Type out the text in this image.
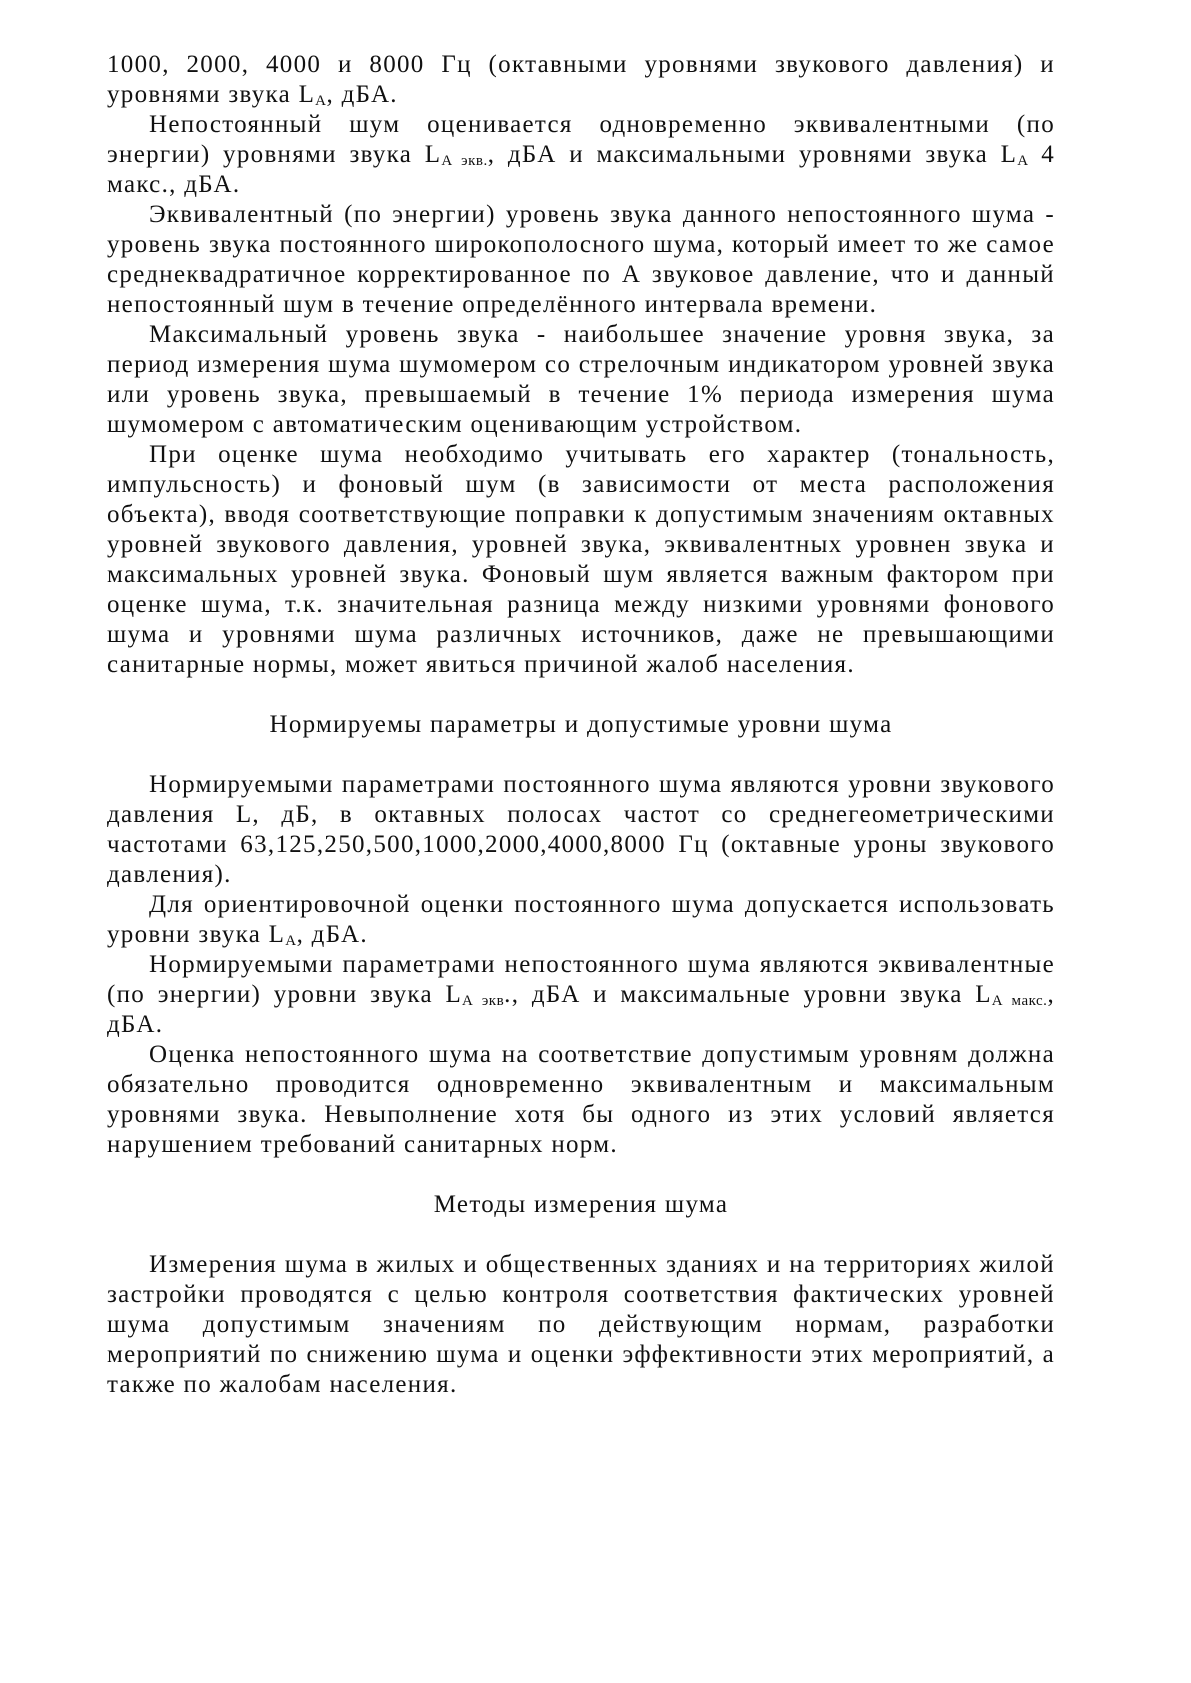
1000, 2000, 4000 и 8000 Гц (октавными уровнями звукового давления) и уровнями звука $L_A$, дБА.

Непостоянный шум оценивается одновременно эквивалентными (по энергии) уровнями звука $L_{A экв.}$, дБА и максимальными уровнями звука $L_A$ 4 макс., дБА.

Эквивалентный (по энергии) уровень звука данного непостоянного шума - уровень звука постоянного широкополосного шума, который имеет то же самое среднеквадратичное корректированное по А звуковое давление, что и данный непостоянный шум в течение определённого интервала времени.

Максимальный уровень звука - наибольшее значение уровня звука, за период измерения шума шумомером со стрелочным индикатором уровней звука или уровень звука, превышаемый в течение 1% периода измерения шума шумомером с автоматическим оценивающим устройством.

При оценке шума необходимо учитывать его характер (тональность, импульсность) и фоновый шум (в зависимости от места расположения объекта), вводя соответствующие поправки к допустимым значениям октавных уровней звукового давления, уровней звука, эквивалентных уровнен звука и максимальных уровней звука. Фоновый шум является важным фактором при оценке шума, т.к. значительная разница между низкими уровнями фонового шума и уровнями шума различных источников, даже не превышающими санитарные нормы, может явиться причиной жалоб населения.

Нормируемы параметры и допустимые уровни шума

Нормируемыми параметрами постоянного шума являются уровни звукового давления L, дБ, в октавных полосах частот со среднегеометрическими частотами 63,125,250,500,1000,2000,4000,8000 Гц (октавные уроны звукового давления).

Для ориентировочной оценки постоянного шума допускается использовать уровни звука $L_A$, дБА.

Нормируемыми параметрами непостоянного шума являются эквивалентные (по энергии) уровни звука $L_{A экв}$., дБА и максимальные уровни звука $L_{A макс.}$, дБА.

Оценка непостоянного шума на соответствие допустимым уровням должна обязательно проводится одновременно эквивалентным и максимальным уровнями звука. Невыполнение хотя бы одного из этих условий является нарушением требований санитарных норм.

Методы измерения шума

Измерения шума в жилых и общественных зданиях и на территориях жилой застройки проводятся с целью контроля соответствия фактических уровней шума допустимым значениям по действующим нормам, разработки мероприятий по снижению шума и оценки эффективности этих мероприятий, а также по жалобам населения.
